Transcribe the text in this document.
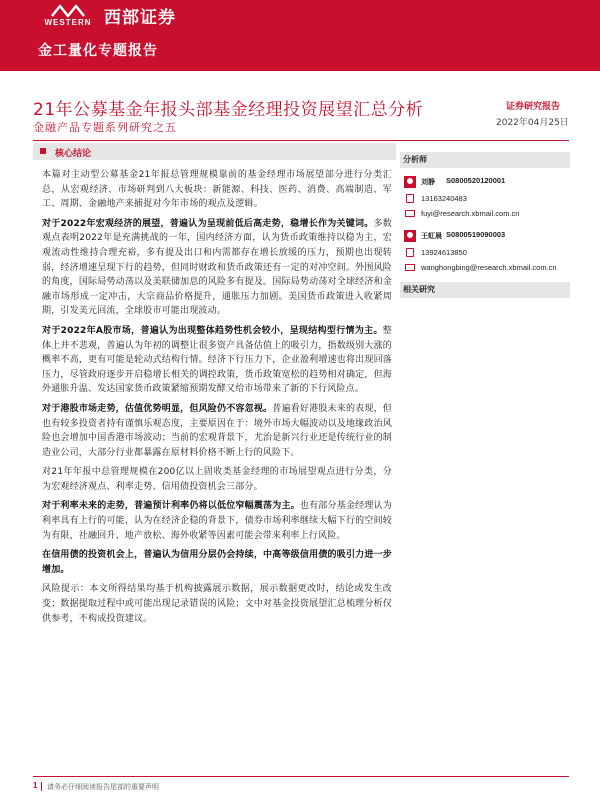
WESTERN 西部证券
金工量化专题报告
21年公募基金年报头部基金经理投资展望汇总分析
金融产品专题系列研究之五
证券研究报告
2022年04月25日
核心结论

本篇对主动型公募基金21年报总管理规模靠前的基金经理市场展望部分进行分类汇总，从宏观经济、市场研判到八大板块：新能源、科技、医药、消费、高端制造、军工、周期、金融地产来捕捉对今年市场的观点及逻辑。

对于2022年宏观经济的展望，普遍认为呈现前低后高走势，稳增长作为关键词。多数观点表明2022年是充满挑战的一年，国内经济方面，认为货币政策维持以稳为主，宏观流动性维持合理充裕，多有提及出口和内需都存在增长放缓的压力，预期也出现转弱，经济增速呈现下行的趋势，但同时财政和货币政策还有一定的对冲空间。外围风险的角度，国际局势动荡以及美联储加息的风险多有提及。国际局势动荡对全球经济和金融市场形成一定冲击，大宗商品价格提升，通胀压力加剧。美国货币政策进入收紧周期，引发美元回流，全球股市可能出现波动。

对于2022年A股市场，普遍认为出现整体趋势性机会较小，呈现结构型行情为主。整体上并不悲观，普遍认为年初的调整让很多资产具备估值上的吸引力，指数级别大涨的概率不高，更有可能是轮动式结构行情。经济下行压力下，企业盈利增速也将出现回落压力，尽管政府逐步开启稳增长相关的调控政策，货币政策宽松的趋势相对确定，但海外通胀升温、发达国家货币政策紧缩预期发酵又给市场带来了新的下行风险点。

对于港股市场走势，估值优势明显，但风险仍不容忽视。普遍看好港股未来的表现，但也有较多投资者持有谨慎乐观态度，主要原因在于：境外市场大幅波动以及地缘政治风险也会增加中国香港市场波动；当前的宏观背景下，尤治是新兴行业还是传统行业的制造业公司，大部分行业都暴露在原材料价格不断上行的风险下。

对21年年报中总管理规模在200亿以上固收类基金经理的市场展望观点进行分类，分为宏观经济观点、利率走势、信用债投资机会三部分。

对于利率未来的走势，普遍预计利率仍将以低位窄幅震荡为主。也有部分基金经理认为利率具有上行的可能，认为在经济企稳的背景下，债券市场利率继续大幅下行的空间较为有限，社融回升、地产放松、海外收紧等因素可能会带来利率上行风险。

在信用债的投资机会上，普遍认为信用分层仍会持续，中高等级信用债的吸引力进一步增加。

风险提示：本文所得结果均基于机构披露展示数据，展示数据更改时，结论或发生改变；数据提取过程中或可能出现记录错误的风险；文中对基金投资展望汇总梳理分析仅供参考，不构成投资建议。

分析师
刘静 S0800520120001
13163240483
fuyi@research.xbmail.com.cn
王虹晨 S0800519090003
13924613850
wanghongbing@research.xbmail.com.cn
相关研究
1 请务必仔细阅读报告尾部的重要声明
